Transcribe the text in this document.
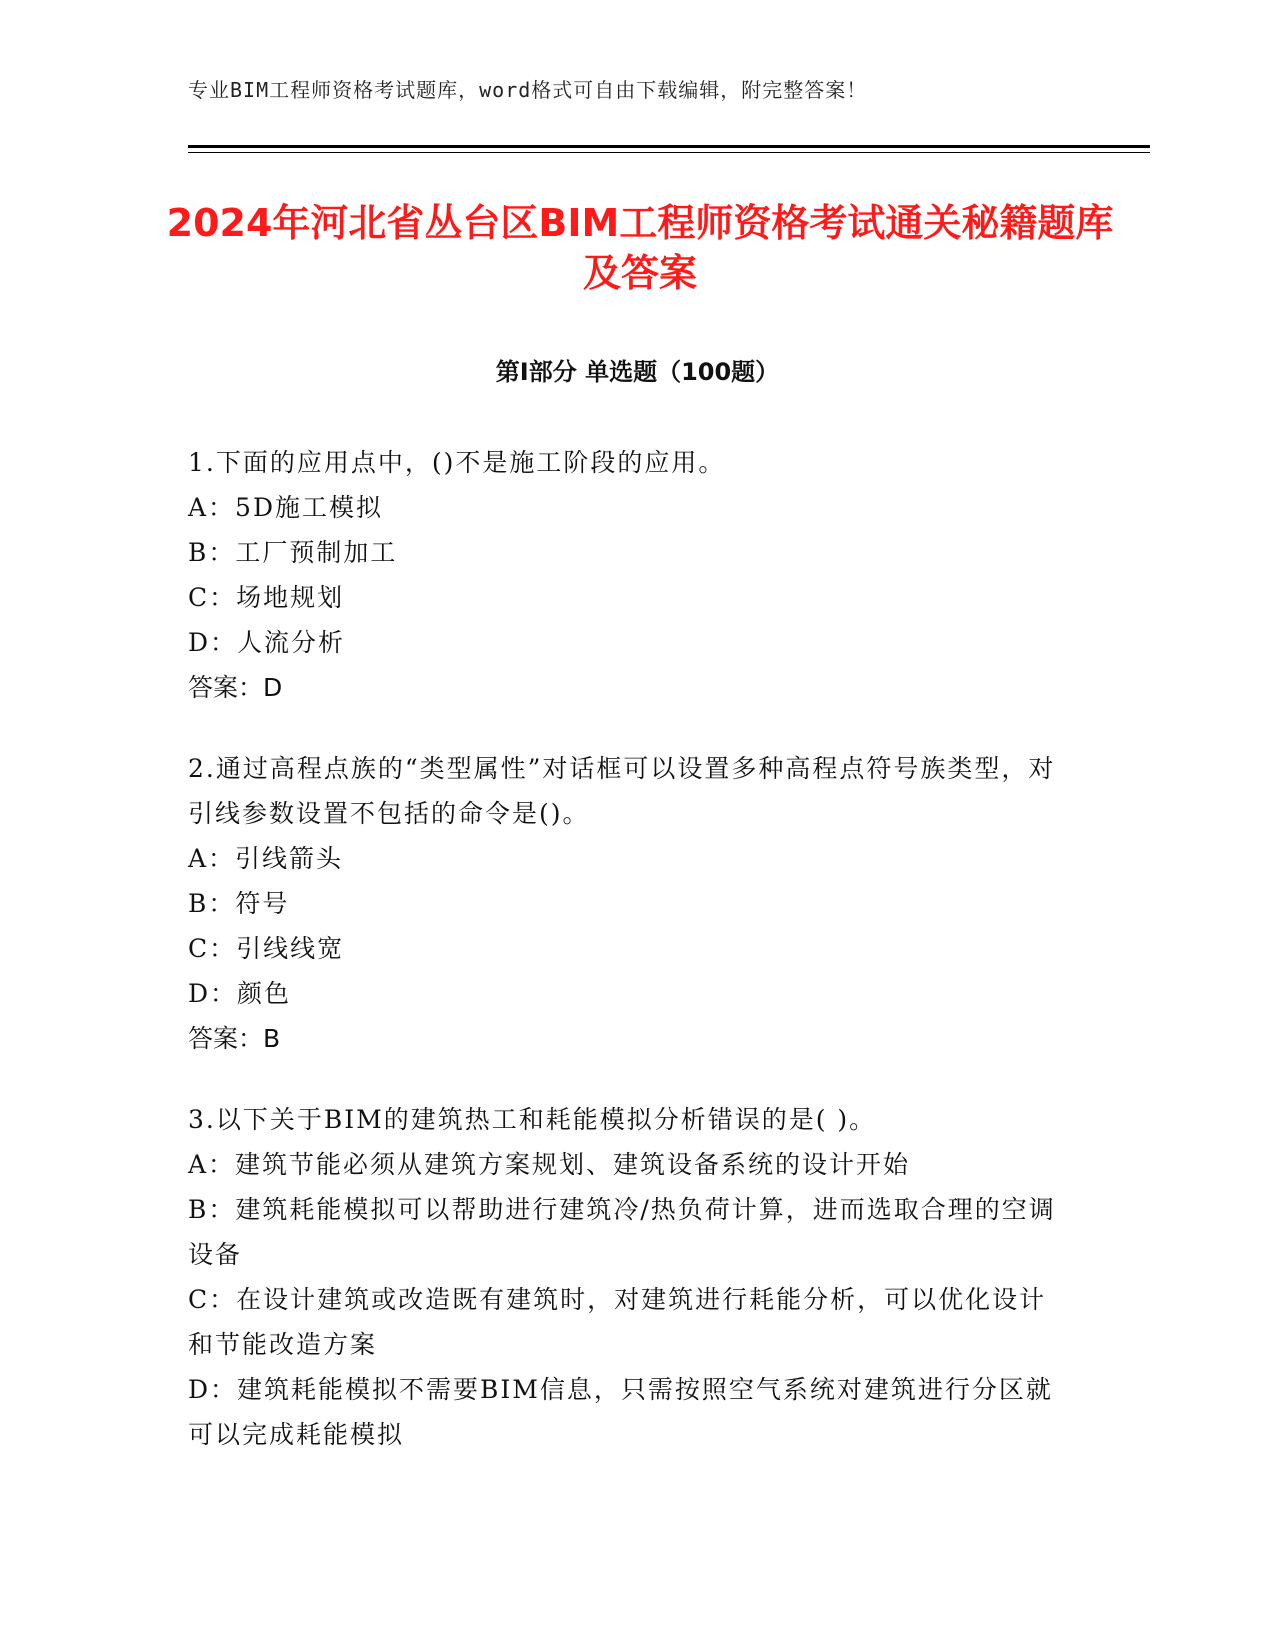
专业BIM工程师资格考试题库，word格式可自由下载编辑，附完整答案！
2024年河北省丛台区BIM工程师资格考试通关秘籍题库及答案
第Ⅰ部分 单选题（100题）
1.下面的应用点中，()不是施工阶段的应用。
A：5D施工模拟
B：工厂预制加工
C：场地规划
D：人流分析
答案：D
2.通过高程点族的“类型属性”对话框可以设置多种高程点符号族类型，对引线参数设置不包括的命令是()。
A：引线箭头
B：符号
C：引线线宽
D：颜色
答案：B
3.以下关于BIM的建筑热工和耗能模拟分析错误的是( )。
A：建筑节能必须从建筑方案规划、建筑设备系统的设计开始
B：建筑耗能模拟可以帮助进行建筑冷/热负荷计算，进而选取合理的空调设备
C：在设计建筑或改造既有建筑时，对建筑进行耗能分析，可以优化设计和节能改造方案
D：建筑耗能模拟不需要BIM信息，只需按照空气系统对建筑进行分区就可以完成耗能模拟
